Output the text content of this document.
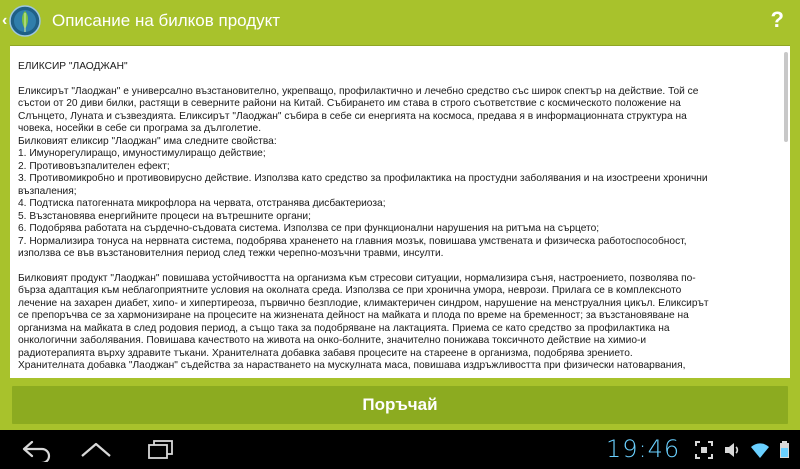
‹	Описание на билков продукт	?
ЕЛИКСИР "ЛАОДЖАН"
Еликсирът "Лаоджан" е универсално възстановително, укрепващо, профилактично и лечебно средство със широк спектър на действие. Той се
състои от 20 диви билки, растящи в северните райони на Китай. Събирането им става в строго съответствие с космическото положение на
Слънцето, Луната и съзвездията. Еликсирът "Лаоджан" събира в себе си енергията на космоса, предава я в информационната структура на
човека, носейки в себе си програма за дълголетие.
Билковият еликсир "Лаоджан" има следните свойства:
1. Имунорегулиращо, имуностимулиращо действие;
2. Противовъзпалителен ефект;
3. Противомикробно и противовирусно действие. Използва като средство за профилактика на простудни заболявания и на изостреени хронични
възпаления;
4. Подтиска патогенната микрофлора на червата, отстранява дисбактериоза;
5. Възстановява енергийните процеси на вътрешните органи;
6. Подобрява работата на сърдечно-съдовата система. Използва се при функционални нарушения на ритъма на сърцето;
7. Нормализира тонуса на нервната система, подобрява храненето на главния мозък, повишава умствената и физическа работоспособност,
използва се във възстановителния период след тежки черепно-мозъчни травми, инсулти.
Билковият продукт "Лаоджан" повишава устойчивостта на организма към стресови ситуации, нормализира съня, настроението, позволява по-
бърза адаптация към неблагоприятните условия на околната среда. Използва се при хронична умора, неврози. Прилага се в комплексното
лечение на захарен диабет, хипо- и хипертиреоза, първично безплодие, климактеричен синдром, нарушение на менструалния цикъл. Еликсирът
се препоръчва се за хармонизиране на процесите на жизнената дейност на майката и плода по време на бременност; за възстановяване на
организма на майката в след родовия период, а също така за подобряване на лактацията. Приема се като средство за профилактика на
онкологични заболявания. Повишава качеството на живота на онко-болните, значително понижава токсичното действие на химио-и
радиотерапията върху здравите тъкани. Хранителната добавка забавя процесите на стареене в организма, подобрява зрението.
Хранителната добавка "Лаоджан" съдейства за нарастването на мускулната маса, повишава издръжливостта при физически натоварвания,
Поръчай
19:46
